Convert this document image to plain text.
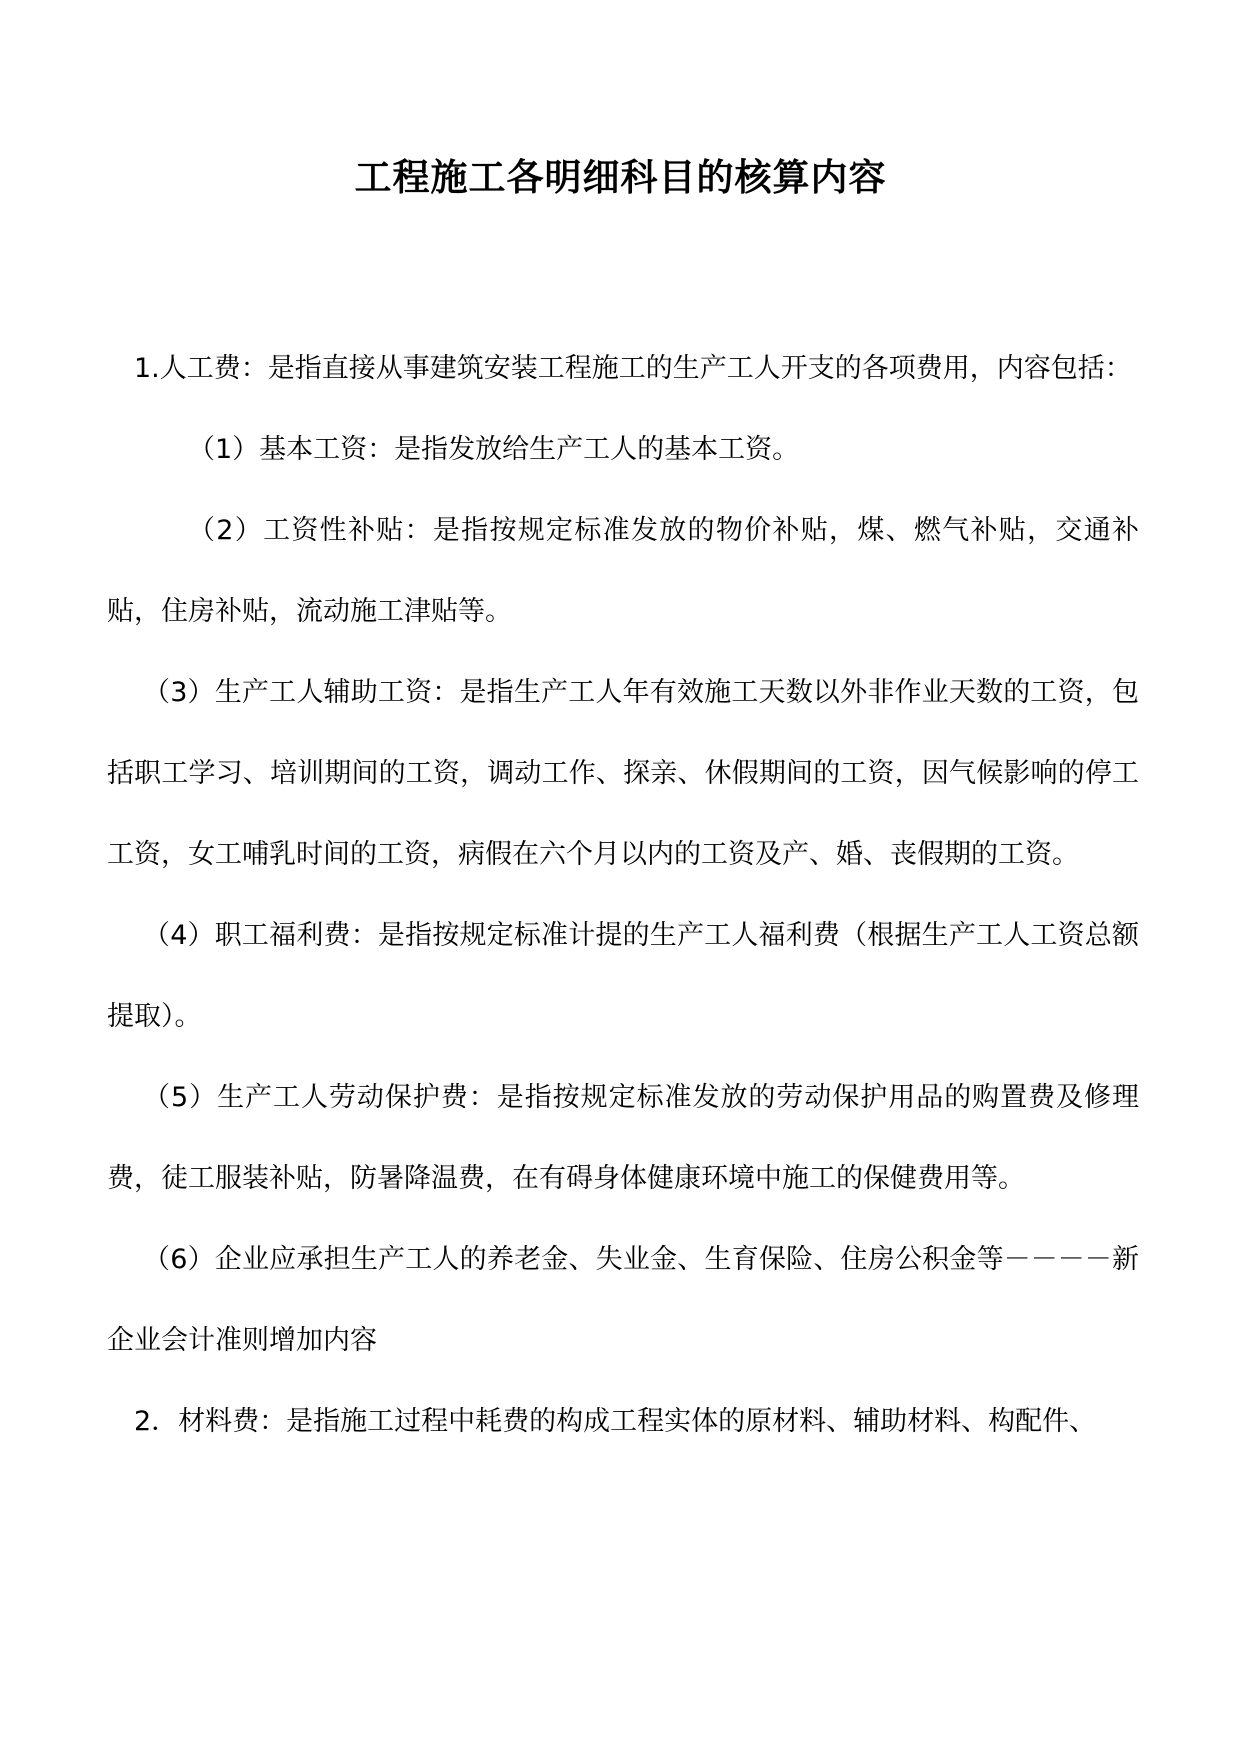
工程施工各明细科目的核算内容

1.人工费：是指直接从事建筑安装工程施工的生产工人开支的各项费用，内容包括：

（1）基本工资：是指发放给生产工人的基本工资。

（2）工资性补贴：是指按规定标准发放的物价补贴，煤、燃气补贴，交通补贴，住房补贴，流动施工津贴等。

（3）生产工人辅助工资：是指生产工人年有效施工天数以外非作业天数的工资，包括职工学习、培训期间的工资，调动工作、探亲、休假期间的工资，因气候影响的停工工资，女工哺乳时间的工资，病假在六个月以内的工资及产、婚、丧假期的工资。

（4）职工福利费：是指按规定标准计提的生产工人福利费（根据生产工人工资总额提取）。

（5）生产工人劳动保护费：是指按规定标准发放的劳动保护用品的购置费及修理费，徒工服装补贴，防暑降温费，在有碍身体健康环境中施工的保健费用等。

（6）企业应承担生产工人的养老金、失业金、生育保险、住房公积金等－－－－新企业会计准则增加内容

2．材料费：是指施工过程中耗费的构成工程实体的原材料、辅助材料、构配件、
